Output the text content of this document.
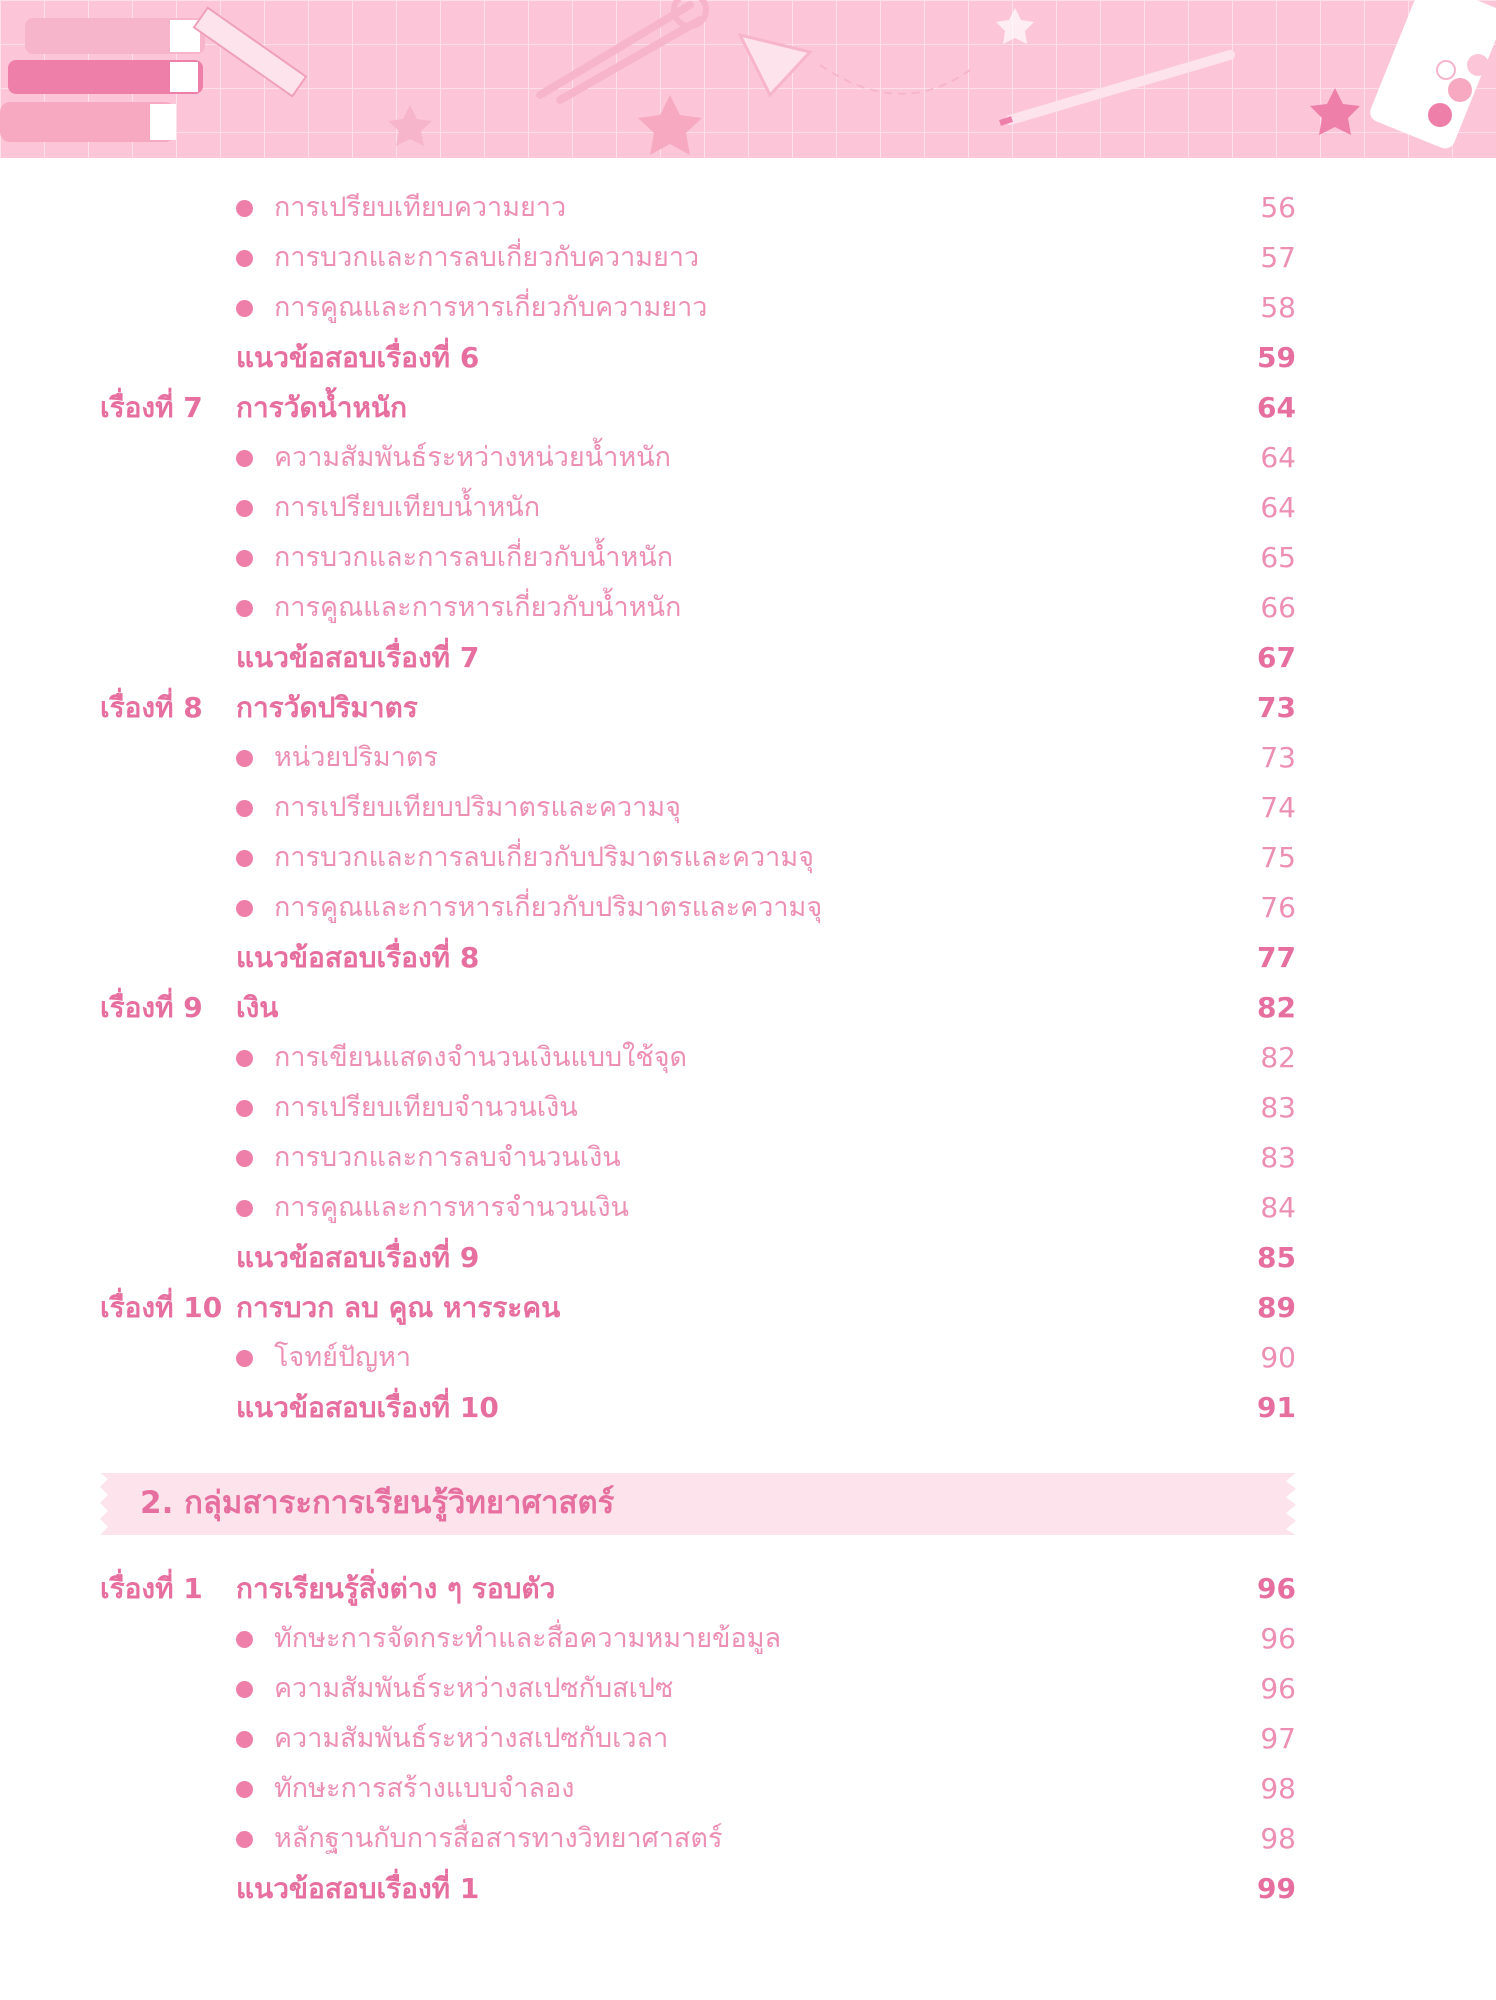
การเปรียบเทียบความยาว	56
การบวกและการลบเกี่ยวกับความยาว	57
การคูณและการหารเกี่ยวกับความยาว	58
แนวข้อสอบเรื่องที่ 6	59
เรื่องที่ 7 การวัดน้ำหนัก	64
ความสัมพันธ์ระหว่างหน่วยน้ำหนัก	64
การเปรียบเทียบน้ำหนัก	64
การบวกและการลบเกี่ยวกับน้ำหนัก	65
การคูณและการหารเกี่ยวกับน้ำหนัก	66
แนวข้อสอบเรื่องที่ 7	67
เรื่องที่ 8 การวัดปริมาตร	73
หน่วยปริมาตร	73
การเปรียบเทียบปริมาตรและความจุ	74
การบวกและการลบเกี่ยวกับปริมาตรและความจุ	75
การคูณและการหารเกี่ยวกับปริมาตรและความจุ	76
แนวข้อสอบเรื่องที่ 8	77
เรื่องที่ 9 เงิน	82
การเขียนแสดงจำนวนเงินแบบใช้จุด	82
การเปรียบเทียบจำนวนเงิน	83
การบวกและการลบจำนวนเงิน	83
การคูณและการหารจำนวนเงิน	84
แนวข้อสอบเรื่องที่ 9	85
เรื่องที่ 10 การบวก ลบ คูณ หารระคน	89
โจทย์ปัญหา	90
แนวข้อสอบเรื่องที่ 10	91
เรื่องที่ 1 การเรียนรู้สิ่งต่าง ๆ รอบตัว	96
ทักษะการจัดกระทำและสื่อความหมายข้อมูล	96
ความสัมพันธ์ระหว่างสเปซกับสเปซ	96
ความสัมพันธ์ระหว่างสเปซกับเวลา	97
ทักษะการสร้างแบบจำลอง	98
หลักฐานกับการสื่อสารทางวิทยาศาสตร์	98
แนวข้อสอบเรื่องที่ 1	99
2. กลุ่มสาระการเรียนรู้วิทยาศาสตร์
